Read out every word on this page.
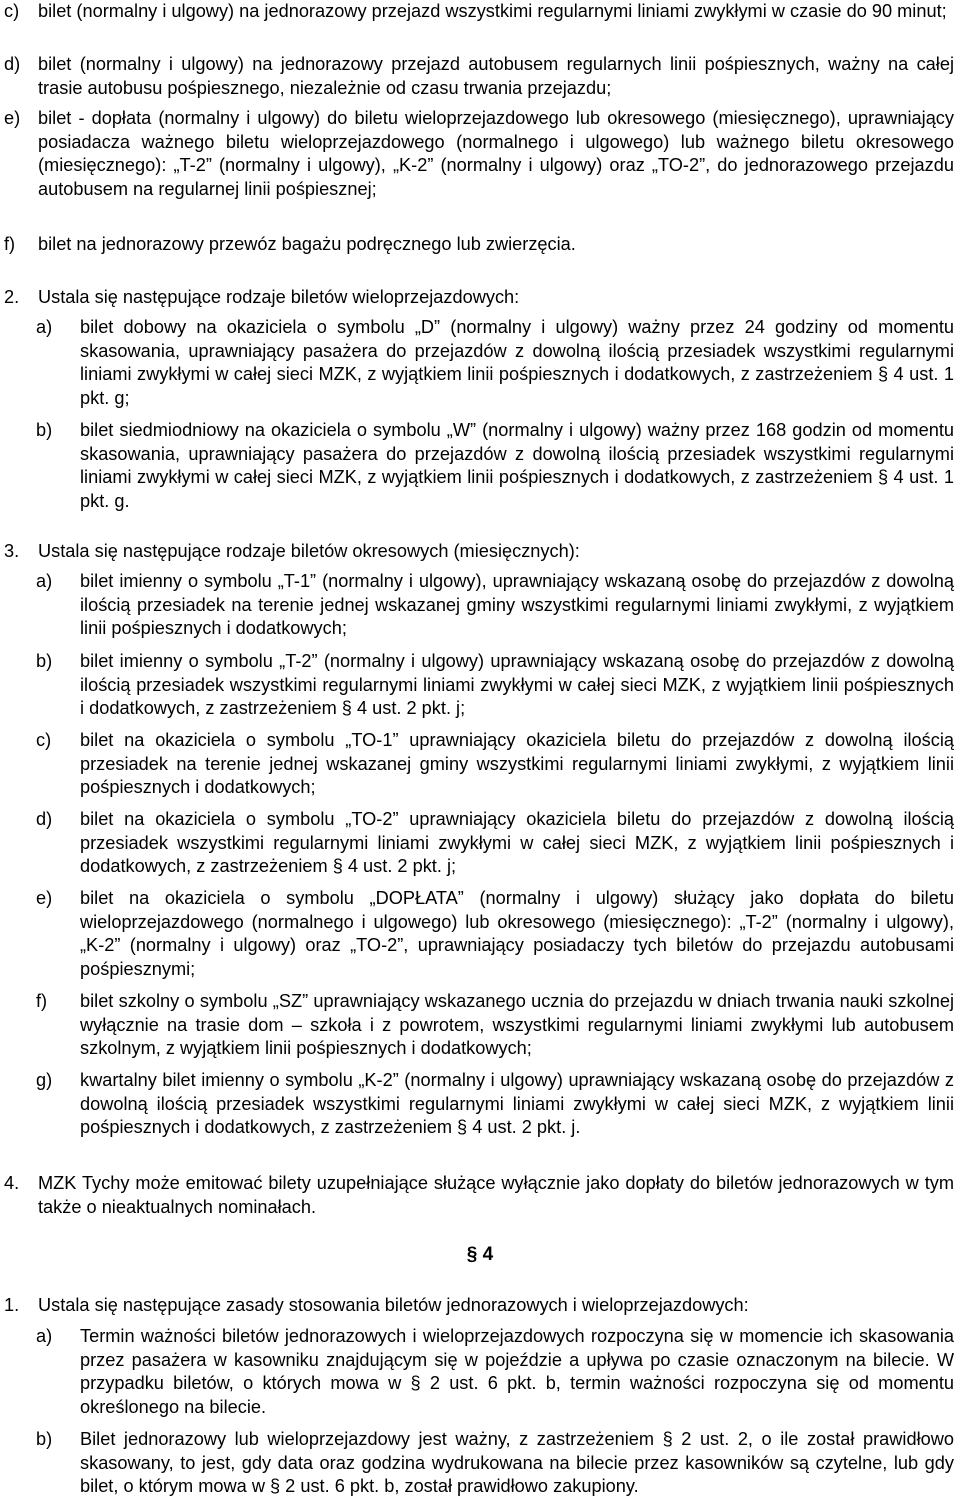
c) bilet (normalny i ulgowy) na jednorazowy przejazd wszystkimi regularnymi liniami zwykłymi w czasie do 90 minut;
d) bilet (normalny i ulgowy) na jednorazowy przejazd autobusem regularnych linii pośpiesznych, ważny na całej trasie autobusu pośpiesznego, niezależnie od czasu trwania przejazdu;
e) bilet - dopłata (normalny i ulgowy) do biletu wieloprzejazdowego lub okresowego (miesięcznego), uprawniający posiadacza ważnego biletu wieloprzejazdowego (normalnego i ulgowego) lub ważnego biletu okresowego (miesięcznego): „T-2” (normalny i ulgowy), „K-2” (normalny i ulgowy) oraz „TO-2”, do jednorazowego przejazdu autobusem na regularnej linii pośpiesznej;
f) bilet na jednorazowy przewóz bagażu podręcznego lub zwierzęcia.
2. Ustala się następujące rodzaje biletów wieloprzejazdowych:
a) bilet dobowy na okaziciela o symbolu „D” (normalny i ulgowy) ważny przez 24 godziny od momentu skasowania, uprawniający pasażera do przejazdów z dowolną ilością przesiadek wszystkimi regularnymi liniami zwykłymi w całej sieci MZK, z wyjątkiem linii pośpiesznych i dodatkowych, z zastrzeżeniem § 4 ust. 1 pkt. g;
b) bilet siedmiodniowy na okaziciela o symbolu „W” (normalny i ulgowy) ważny przez 168 godzin od momentu skasowania, uprawniający pasażera do przejazdów z dowolną ilością przesiadek wszystkimi regularnymi liniami zwykłymi w całej sieci MZK, z wyjątkiem linii pośpiesznych i dodatkowych, z zastrzeżeniem § 4 ust. 1 pkt. g.
3. Ustala się następujące rodzaje biletów okresowych (miesięcznych):
a) bilet imienny o symbolu „T-1” (normalny i ulgowy), uprawniający wskazaną osobę do przejazdów z dowolną ilością przesiadek na terenie jednej wskazanej gminy wszystkimi regularnymi liniami zwykłymi, z wyjątkiem linii pośpiesznych i dodatkowych;
b) bilet imienny o symbolu „T-2” (normalny i ulgowy) uprawniający wskazaną osobę do przejazdów z dowolną ilością przesiadek wszystkimi regularnymi liniami zwykłymi w całej sieci MZK, z wyjątkiem linii pośpiesznych i dodatkowych, z zastrzeżeniem § 4 ust. 2 pkt. j;
c) bilet na okaziciela o symbolu „TO-1” uprawniający okaziciela biletu do przejazdów z dowolną ilością przesiadek na terenie jednej wskazanej gminy wszystkimi regularnymi liniami zwykłymi, z wyjątkiem linii pośpiesznych i dodatkowych;
d) bilet na okaziciela o symbolu „TO-2” uprawniający okaziciela biletu do przejazdów z dowolną ilością przesiadek wszystkimi regularnymi liniami zwykłymi w całej sieci MZK, z wyjątkiem linii pośpiesznych i dodatkowych, z zastrzeżeniem § 4 ust. 2 pkt. j;
e) bilet na okaziciela o symbolu „DOPŁATA” (normalny i ulgowy) służący jako dopłata do biletu wieloprzejazdowego (normalnego i ulgowego) lub okresowego (miesięcznego): „T-2” (normalny i ulgowy), „K-2” (normalny i ulgowy) oraz „TO-2”, uprawniający posiadaczy tych biletów do przejazdu autobusami pośpiesznymi;
f) bilet szkolny o symbolu „SZ” uprawniający wskazanego ucznia do przejazdu w dniach trwania nauki szkolnej wyłącznie na trasie dom – szkoła i z powrotem, wszystkimi regularnymi liniami zwykłymi lub autobusem szkolnym, z wyjątkiem linii pośpiesznych i dodatkowych;
g) kwartalny bilet imienny o symbolu „K-2” (normalny i ulgowy) uprawniający wskazaną osobę do przejazdów z dowolną ilością przesiadek wszystkimi regularnymi liniami zwykłymi w całej sieci MZK, z wyjątkiem linii pośpiesznych i dodatkowych, z zastrzeżeniem § 4 ust. 2 pkt. j.
4. MZK Tychy może emitować bilety uzupełniające służące wyłącznie jako dopłaty do biletów jednorazowych w tym także o nieaktualnych nominałach.
§ 4
1. Ustala się następujące zasady stosowania biletów jednorazowych i wieloprzejazdowych:
a) Termin ważności biletów jednorazowych i wieloprzejazdowych rozpoczyna się w momencie ich skasowania przez pasażera w kasowniku znajdującym się w pojeździe a upływa po czasie oznaczonym na bilecie. W przypadku biletów, o których mowa w § 2 ust. 6 pkt. b, termin ważności rozpoczyna się od momentu określonego na bilecie.
b) Bilet jednorazowy lub wieloprzejazdowy jest ważny, z zastrzeżeniem § 2 ust. 2, o ile został prawidłowo skasowany, to jest, gdy data oraz godzina wydrukowana na bilecie przez kasowników są czytelne, lub gdy bilet, o którym mowa w § 2 ust. 6 pkt. b, został prawidłowo zakupiony.
